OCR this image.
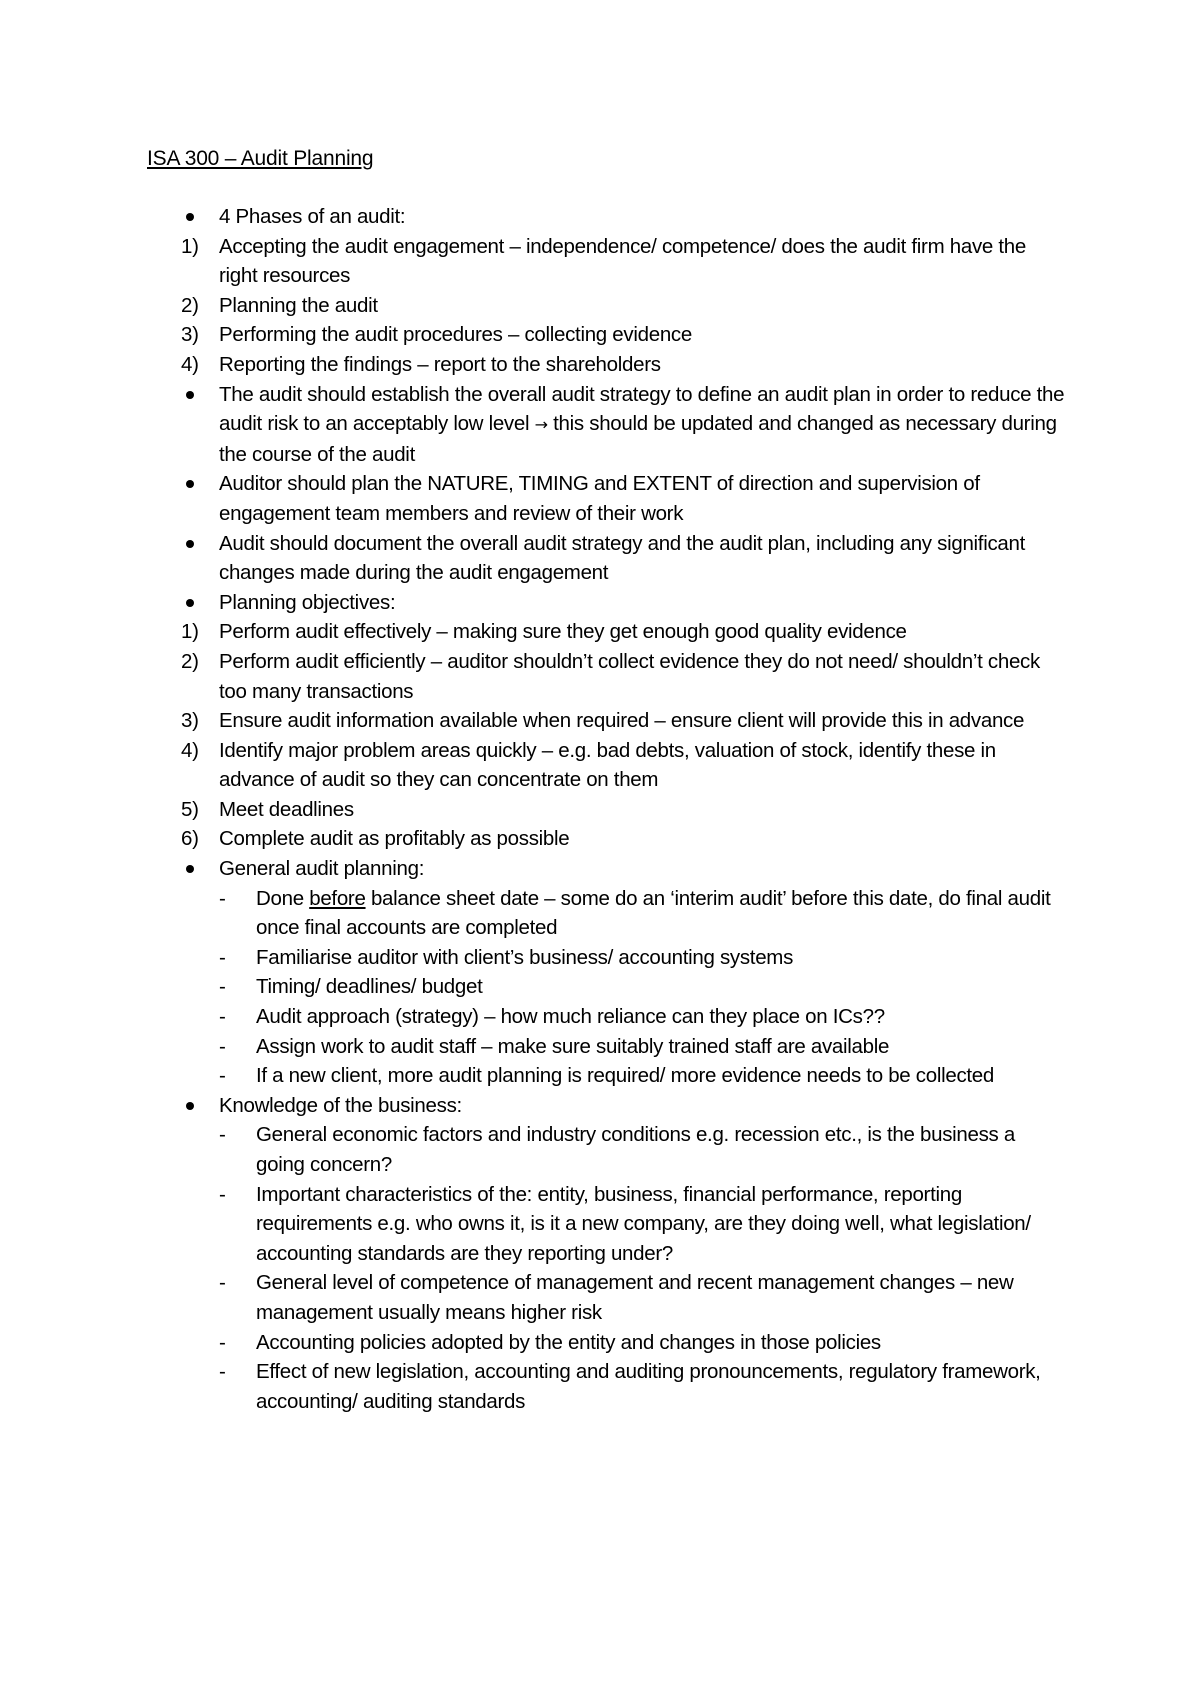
ISA 300 – Audit Planning
4 Phases of an audit:
1) Accepting the audit engagement – independence/ competence/ does the audit firm have the right resources
2) Planning the audit
3) Performing the audit procedures – collecting evidence
4) Reporting the findings – report to the shareholders
The audit should establish the overall audit strategy to define an audit plan in order to reduce the audit risk to an acceptably low level → this should be updated and changed as necessary during the course of the audit
Auditor should plan the NATURE, TIMING and EXTENT of direction and supervision of engagement team members and review of their work
Audit should document the overall audit strategy and the audit plan, including any significant changes made during the audit engagement
Planning objectives:
1) Perform audit effectively – making sure they get enough good quality evidence
2) Perform audit efficiently – auditor shouldn’t collect evidence they do not need/ shouldn’t check too many transactions
3) Ensure audit information available when required – ensure client will provide this in advance
4) Identify major problem areas quickly – e.g. bad debts, valuation of stock, identify these in advance of audit so they can concentrate on them
5) Meet deadlines
6) Complete audit as profitably as possible
General audit planning:
- Done before balance sheet date – some do an ‘interim audit’ before this date, do final audit once final accounts are completed
- Familiarise auditor with client’s business/ accounting systems
- Timing/ deadlines/ budget
- Audit approach (strategy) – how much reliance can they place on ICs??
- Assign work to audit staff – make sure suitably trained staff are available
- If a new client, more audit planning is required/ more evidence needs to be collected
Knowledge of the business:
- General economic factors and industry conditions e.g. recession etc., is the business a going concern?
- Important characteristics of the: entity, business, financial performance, reporting requirements e.g. who owns it, is it a new company, are they doing well, what legislation/ accounting standards are they reporting under?
- General level of competence of management and recent management changes – new management usually means higher risk
- Accounting policies adopted by the entity and changes in those policies
- Effect of new legislation, accounting and auditing pronouncements, regulatory framework, accounting/ auditing standards
